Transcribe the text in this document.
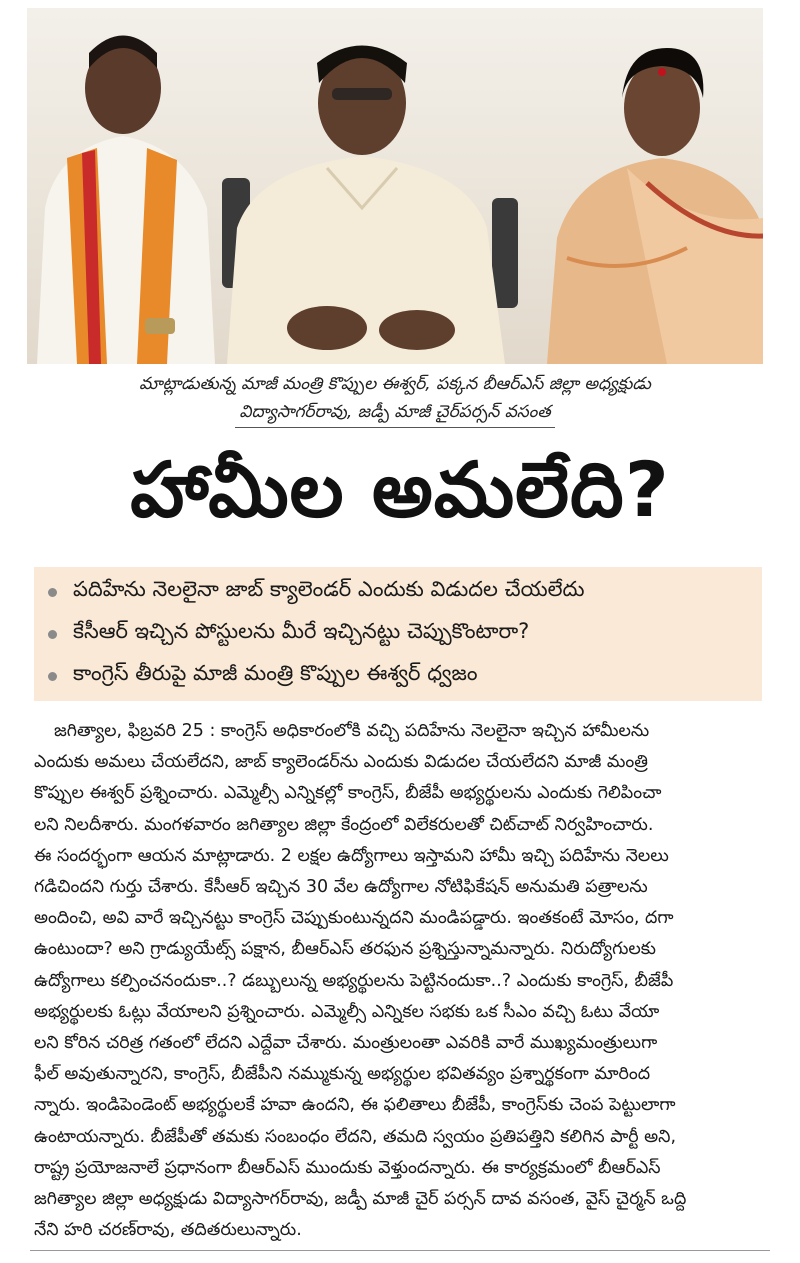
మాట్లాడుతున్న మాజీ మంత్రి కొప్పుల ఈశ్వర్, పక్కన బీఆర్ఎస్ జిల్లా అధ్యక్షుడు
విద్యాసాగర్‌రావు, జడ్పీ మాజీ చైర్‌పర్సన్ వసంత
హామీల అమలేది?
పదిహేను నెలలైనా జాబ్ క్యాలెండర్ ఎందుకు విడుదల చేయలేదు
కేసీఆర్ ఇచ్చిన పోస్టులను మీరే ఇచ్చినట్టు చెప్పుకొంటారా?
కాంగ్రెస్ తీరుపై మాజీ మంత్రి కొప్పుల ఈశ్వర్ ధ్వజం
జగిత్యాల, ఫిబ్రవరి 25 : కాంగ్రెస్ అధికారంలోకి వచ్చి పదిహేను నెలలైనా ఇచ్చిన హామీలను
ఎందుకు అమలు చేయలేదని, జాబ్ క్యాలెండర్‌ను ఎందుకు విడుదల చేయలేదని మాజీ మంత్రి
కొప్పుల ఈశ్వర్ ప్రశ్నించారు. ఎమ్మెల్సీ ఎన్నికల్లో కాంగ్రెస్, బీజేపీ అభ్యర్థులను ఎందుకు గెలిపించా
లని నిలదీశారు. మంగళవారం జగిత్యాల జిల్లా కేంద్రంలో విలేకరులతో చిట్‌చాట్ నిర్వహించారు.
ఈ సందర్భంగా ఆయన మాట్లాడారు. 2 లక్షల ఉద్యోగాలు ఇస్తామని హామీ ఇచ్చి పదిహేను నెలలు
గడిచిందని గుర్తు చేశారు. కేసీఆర్ ఇచ్చిన 30 వేల ఉద్యోగాల నోటిఫికేషన్ అనుమతి పత్రాలను
అందించి, అవి వారే ఇచ్చినట్టు కాంగ్రెస్ చెప్పుకుంటున్నదని మండిపడ్డారు. ఇంతకంటే మోసం, దగా
ఉంటుందా? అని గ్రాడ్యుయేట్స్ పక్షాన, బీఆర్ఎస్ తరఫున ప్రశ్నిస్తున్నామన్నారు. నిరుద్యోగులకు
ఉద్యోగాలు కల్పించనందుకా..? డబ్బులున్న అభ్యర్థులను పెట్టినందుకా..? ఎందుకు కాంగ్రెస్, బీజేపీ
అభ్యర్థులకు ఓట్లు వేయాలని ప్రశ్నించారు. ఎమ్మెల్సీ ఎన్నికల సభకు ఒక సీఎం వచ్చి ఓటు వేయా
లని కోరిన చరిత్ర గతంలో లేదని ఎద్దేవా చేశారు. మంత్రులంతా ఎవరికి వారే ముఖ్యమంత్రులుగా
ఫీల్ అవుతున్నారని, కాంగ్రెస్, బీజేపీని నమ్ముకున్న అభ్యర్థుల భవితవ్యం ప్రశ్నార్థకంగా మారింద
న్నారు. ఇండిపెండెంట్ అభ్యర్థులకే హవా ఉందని, ఈ ఫలితాలు బీజేపీ, కాంగ్రెస్‌కు చెంప పెట్టులాగా
ఉంటాయన్నారు. బీజేపీతో తమకు సంబంధం లేదని, తమది స్వయం ప్రతిపత్తిని కలిగిన పార్టీ అని,
రాష్ట్ర ప్రయోజనాలే ప్రధానంగా బీఆర్ఎస్ ముందుకు వెళ్తుందన్నారు. ఈ కార్యక్రమంలో బీఆర్ఎస్
జగిత్యాల జిల్లా అధ్యక్షుడు విద్యాసాగర్‌రావు, జడ్పీ మాజీ చైర్ పర్సన్ దావ వసంత, వైస్ చైర్మన్ ఒద్ది
నేని హరి చరణ్‌రావు, తదితరులున్నారు.
